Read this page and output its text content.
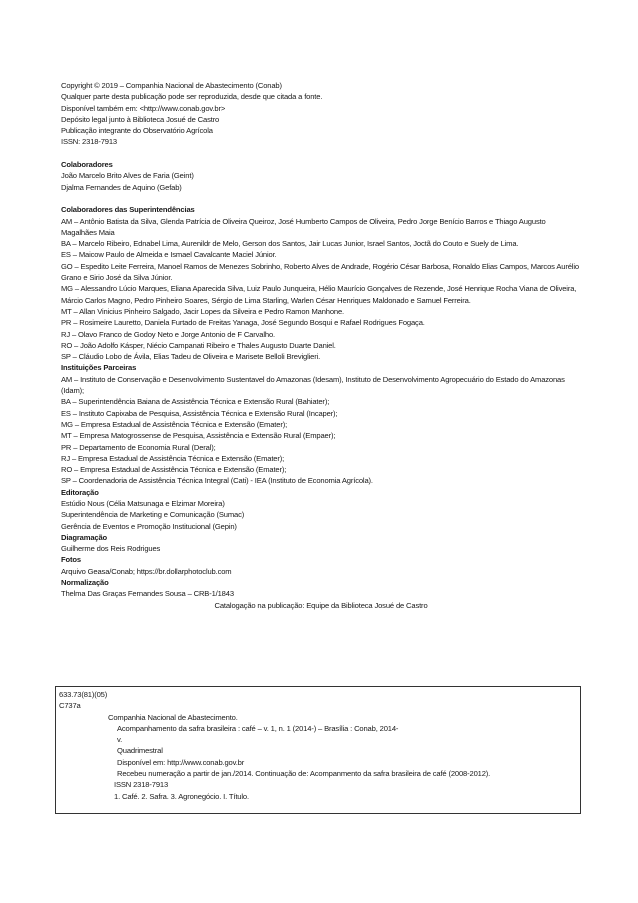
Copyright © 2019 – Companhia Nacional de Abastecimento (Conab)
Qualquer parte desta publicação pode ser reproduzida, desde que citada a fonte.
Disponível também em: <http://www.conab.gov.br>
Depósito legal junto à Biblioteca Josué de Castro
Publicação integrante do Observatório Agrícola
ISSN: 2318-7913
Colaboradores
João Marcelo Brito Alves de Faria (Geint)
Djalma Fernandes de Aquino (Gefab)
Colaboradores das Superintendências
AM – Antônio Batista da Silva, Glenda Patrícia de Oliveira Queiroz, José Humberto Campos de Oliveira, Pedro Jorge Benício Barros e Thiago Augusto Magalhães Maia
BA – Marcelo Ribeiro, Ednabel Lima, Aurenildr de Melo, Gerson dos Santos, Jair Lucas Junior, Israel Santos, Joctã do Couto e Suely de Lima.
ES – Maicow Paulo de Almeida e Ismael Cavalcante Maciel Júnior.
GO – Espedito Leite Ferreira, Manoel Ramos de Menezes Sobrinho, Roberto Alves de Andrade, Rogério César Barbosa, Ronaldo Elias Campos, Marcos Aurélio Grano e Sirio José da Silva Júnior.
MG – Alessandro Lúcio Marques, Eliana Aparecida Silva, Luiz Paulo Junqueira, Hélio Maurício Gonçalves de Rezende, José Henrique Rocha Viana de Oliveira, Márcio Carlos Magno, Pedro Pinheiro Soares, Sérgio de Lima Starling, Warlen César Henriques Maldonado e Samuel Ferreira.
MT – Allan Vinicius Pinheiro Salgado, Jacir Lopes da Silveira e Pedro Ramon Manhone.
PR – Rosimeire Lauretto, Daniela Furtado de Freitas Yanaga, José Segundo Bosqui e Rafael Rodrigues Fogaça.
RJ – Olavo Franco de Godoy Neto e Jorge Antonio de F Carvalho.
RO – João Adolfo Kásper, Niécio Campanati Ribeiro e Thales Augusto Duarte Daniel.
SP – Cláudio Lobo de Ávila, Elias Tadeu de Oliveira e Marisete Belloli Breviglieri.
Instituições Parceiras
AM – Instituto de Conservação e Desenvolvimento Sustentavel do Amazonas (Idesam), Instituto de Desenvolvimento Agropecuário do Estado do Amazonas (Idam);
BA – Superintendência Baiana de Assistência Técnica e Extensão Rural (Bahiater);
ES – Instituto Capixaba de Pesquisa, Assistência Técnica e Extensão Rural (Incaper);
MG – Empresa Estadual de Assistência Técnica e Extensão (Emater);
MT – Empresa Matogrossense de Pesquisa, Assistência e Extensão Rural (Empaer);
PR – Departamento de Economia Rural (Deral);
RJ – Empresa Estadual de Assistência Técnica e Extensão (Emater);
RO – Empresa Estadual de Assistência Técnica e Extensão (Emater);
SP – Coordenadoria de Assistência Técnica Integral (Cati) - IEA (Instituto de Economia Agrícola).
Editoração
Estúdio Nous (Célia Matsunaga e Elzimar Moreira)
Superintendência de Marketing e Comunicação (Sumac)
Gerência de Eventos e Promoção Institucional (Gepin)
Diagramação
Guilherme dos Reis Rodrigues
Fotos
Arquivo Geasa/Conab; https://br.dollarphotoclub.com
Normalização
Thelma Das Graças Fernandes Sousa – CRB-1/1843
Catalogação na publicação: Equipe da Biblioteca Josué de Castro
633.73(81)(05)
C737a
Companhia Nacional de Abastecimento.
Acompanhamento da safra brasileira : café – v. 1, n. 1 (2014-) – Brasília : Conab, 2014-
v.
Quadrimestral
Disponível em: http://www.conab.gov.br
Recebeu numeração a partir de jan./2014. Continuação de: Acompanmento da safra brasileira de café (2008-2012).
ISSN 2318-7913
1. Café. 2. Safra. 3. Agronegócio. I. Título.
